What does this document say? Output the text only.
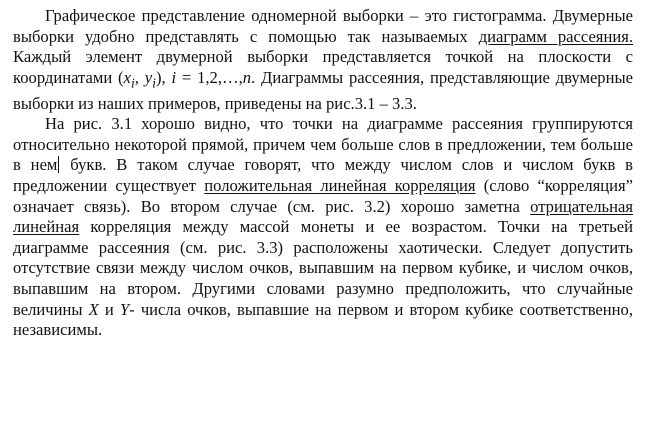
Графическое представление одномерной выборки – это гистограмма. Двумерные выборки удобно представлять с помощью так называемых диаграмм рассеяния. Каждый элемент двумерной выборки представляется точкой на плоскости с координатами ($x_i$, $y_i$), i = 1,2,…,n. Диаграммы рассеяния, представляющие двумерные выборки из наших примеров, приведены на рис.3.1 – 3.3.

На рис. 3.1 хорошо видно, что точки на диаграмме рассеяния группируются относительно некоторой прямой, причем чем больше слов в предложении, тем больше в нем букв. В таком случае говорят, что между числом слов и числом букв в предложении существует положительная линейная корреляция (слово “корреляция” означает связь). Во втором случае (см. рис. 3.2) хорошо заметна отрицательная линейная корреляция между массой монеты и ее возрастом. Точки на третьей диаграмме рассеяния (см. рис. 3.3) расположены хаотически. Следует допустить отсутствие связи между числом очков, выпавшим на первом кубике, и числом очков, выпавшим на втором. Другими словами разумно предположить, что случайные величины X и Y- числа очков, выпавшие на первом и втором кубике соответственно, независимы.
